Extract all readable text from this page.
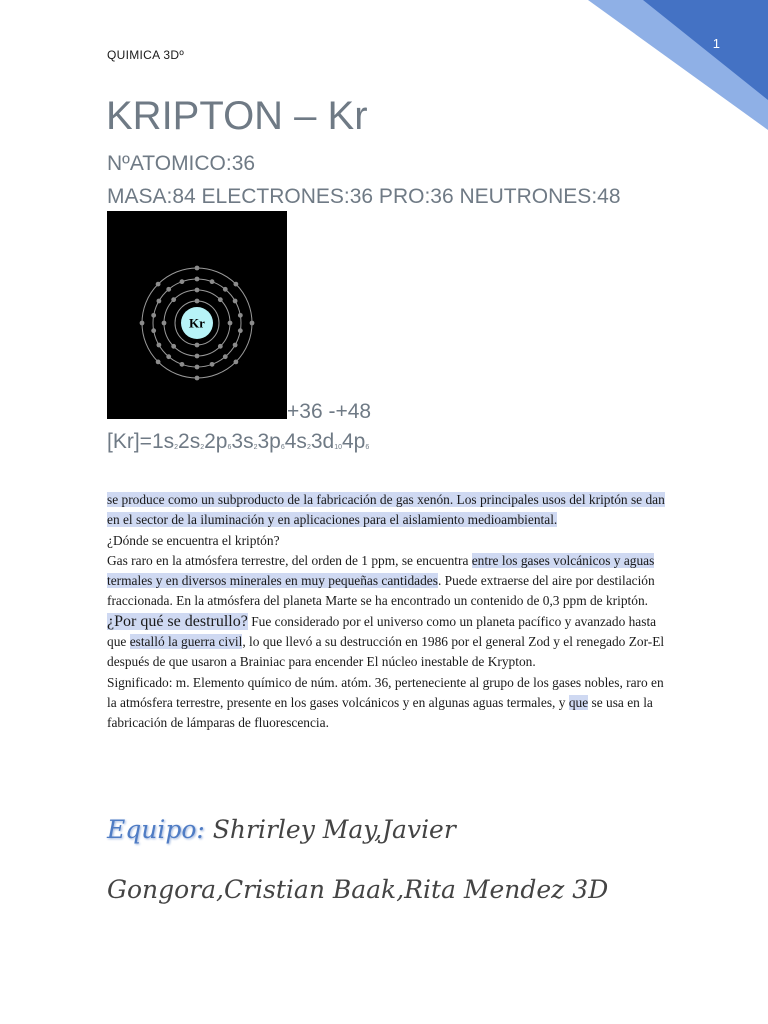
1
QUIMICA 3Dº
KRIPTON – Kr
NºATOMICO:36
MASA:84 ELECTRONES:36 PRO:36 NEUTRONES:48
Kr
+36 -+48
$[Kr]=1s_22s_22p_63s_23p_64s_23d_{10}4p_6$

se produce como un subproducto de la fabricación de gas xenón. Los principales usos del kriptón se dan en el sector de la iluminación y en aplicaciones para el aislamiento medioambiental.

¿Dónde se encuentra el kriptón?

Gas raro en la atmósfera terrestre, del orden de 1 ppm, se encuentra entre los gases volcánicos y aguas termales y en diversos minerales en muy pequeñas cantidades. Puede extraerse del aire por destilación fraccionada. En la atmósfera del planeta Marte se ha encontrado un contenido de 0,3 ppm de kriptón.

¿Por qué se destrullo? Fue considerado por el universo como un planeta pacífico y avanzado hasta que estalló la guerra civil, lo que llevó a su destrucción en 1986 por el general Zod y el renegado Zor-El después de que usaron a Brainiac para encender El núcleo inestable de Krypton.

Significado: m. Elemento químico de núm. atóm. 36, perteneciente al grupo de los gases nobles, raro en la atmósfera terrestre, presente en los gases volcánicos y en algunas aguas termales, y que se usa en la fabricación de lámparas de fluorescencia.

Equipo: Shrirley May,Javier Gongora,Cristian Baak,Rita Mendez 3D
